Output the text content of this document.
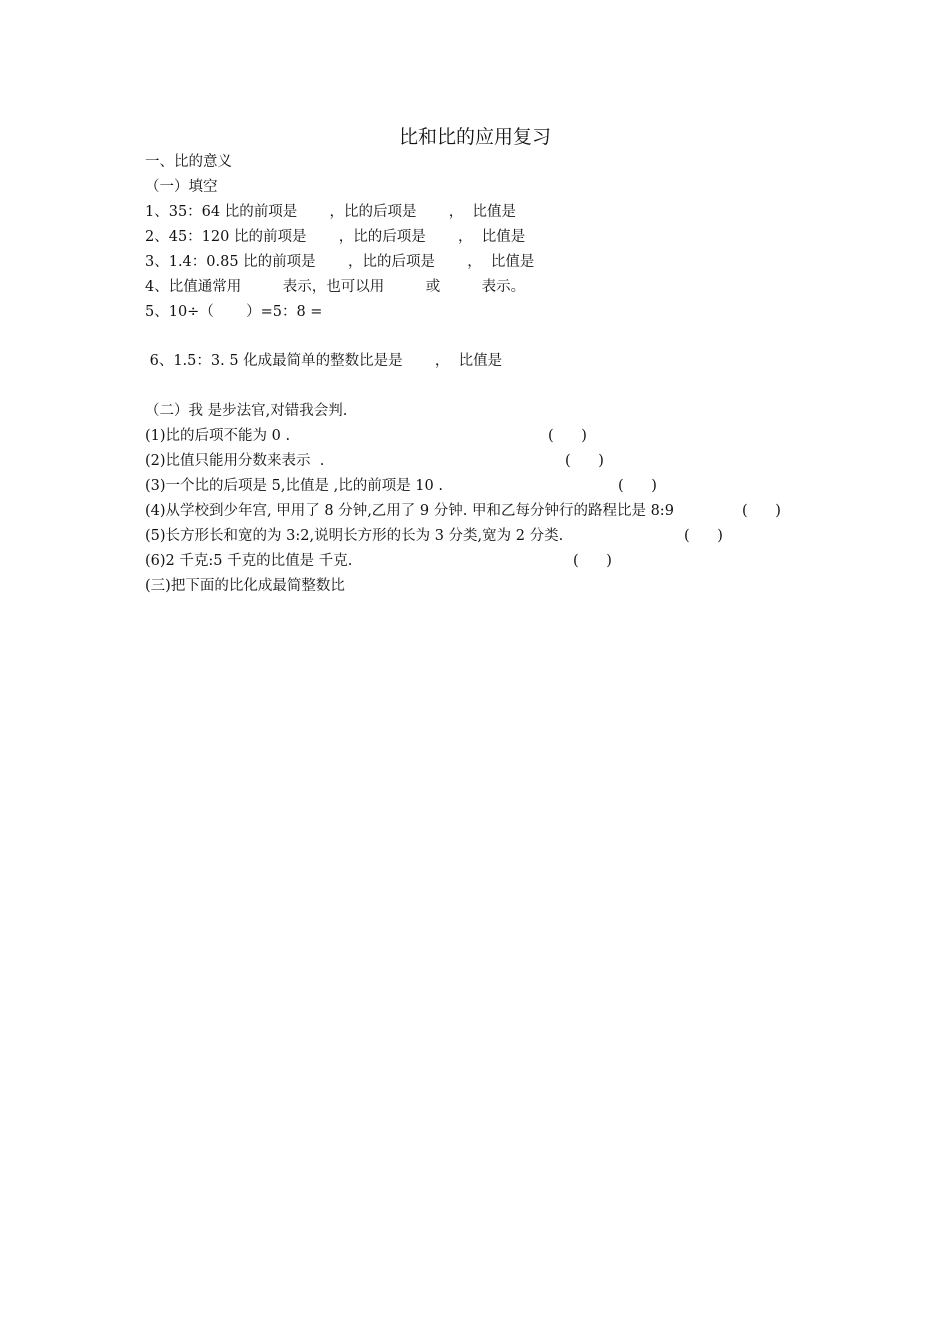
比和比的应用复习
一、比的意义
（一）填空
1、35：64 比的前项是       ，比的后项是       ，  比值是
2、45：120 比的前项是       ，比的后项是       ，  比值是
3、1.4：0.85 比的前项是       ，比的后项是       ，  比值是
4、比值通常用         表示，也可以用         或         表示。
5、10÷（       ）=5：8 =
6、1.5：3. 5 化成最简单的整数比是是       ，  比值是
（二）我 是步法官,对错我会判.
(1)比的后项不能为 0 .	(      )
(2)比值只能用分数来表示  .	(      )
(3)一个比的后项是 5,比值是 ,比的前项是 10 .	(      )
(4)从学校到少年宫, 甲用了 8 分钟,乙用了 9 分钟. 甲和乙每分钟行的路程比是 8:9	(      )
(5)长方形长和宽的为 3:2,说明长方形的长为 3 分类,宽为 2 分类.	(      )
(6)2 千克:5 千克的比值是 千克.	(      )
(三)把下面的比化成最简整数比
